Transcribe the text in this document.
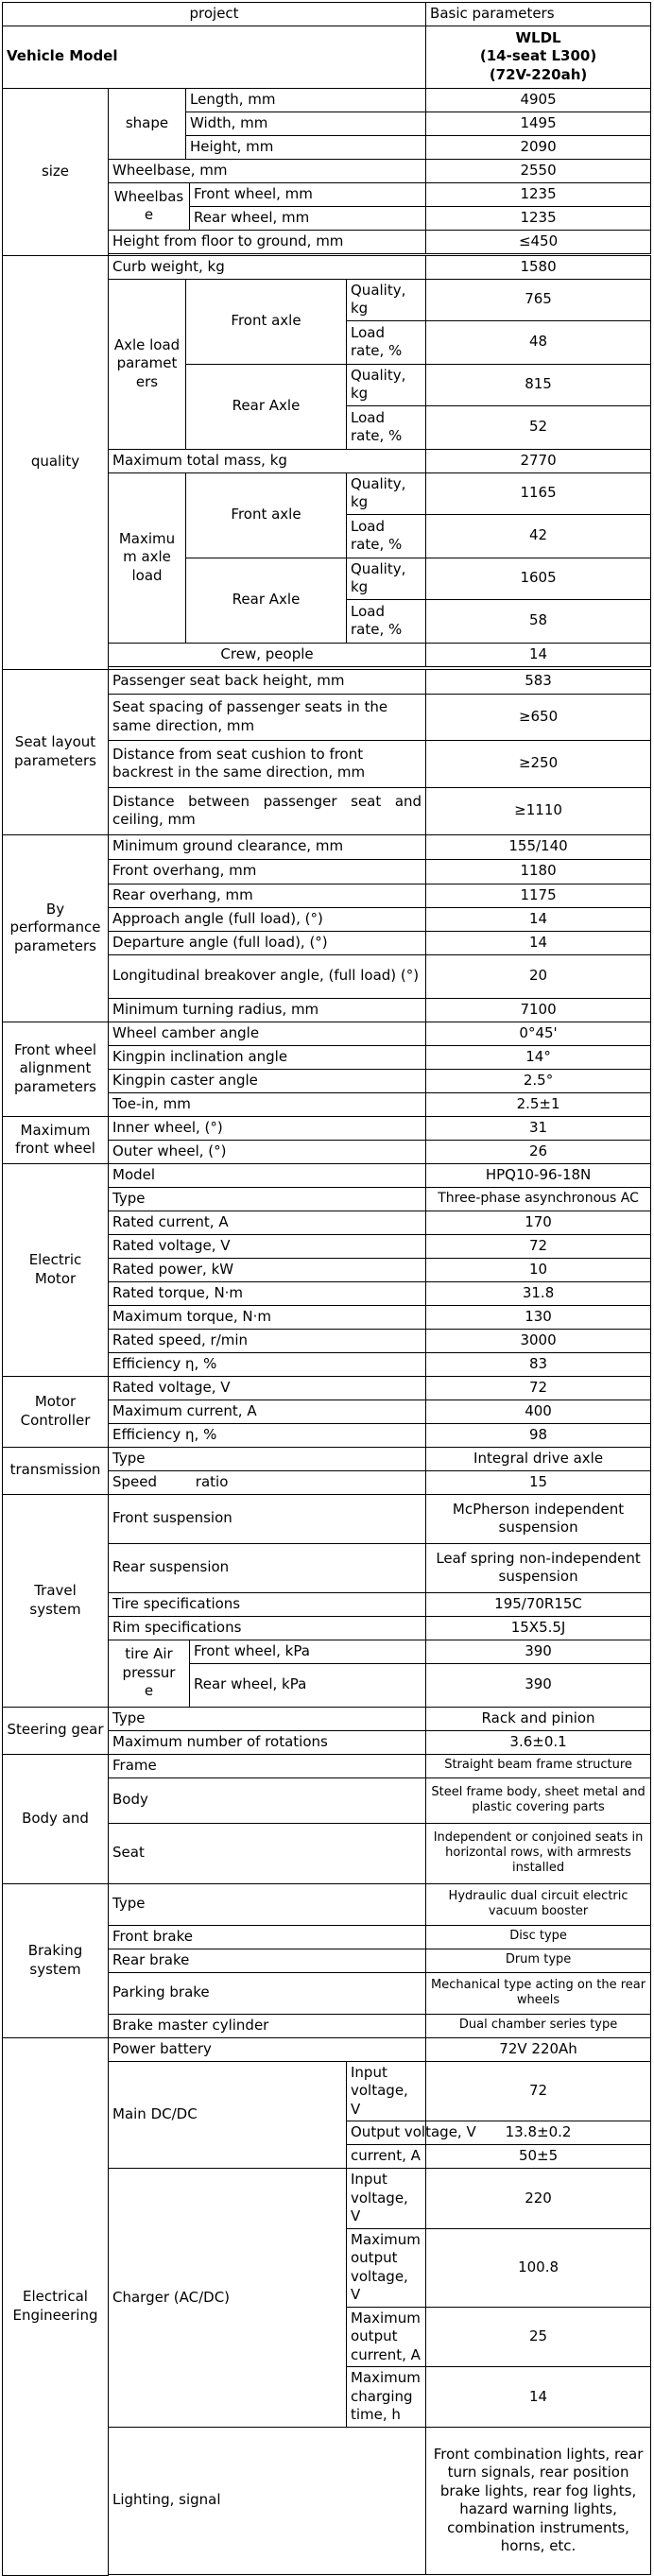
project					Basic parameters
Vehicle Model					WLDL
(14-seat L300)
(72V-220ah)
size	shape	Length, mm			4905
		Width, mm			1495
		Height, mm			2090
	Wheelbase, mm				2550
	Wheelbase		Front wheel, mm		1235
			Rear wheel, mm		1235
	Height from floor to ground, mm				≤450

quality	Curb weight, kg				1580
	Axle load parameters	Front axle		Quality, kg	765
				Load rate, %	48
		Rear Axle		Quality, kg	815
				Load rate, %	52
	Maximum total mass, kg				2770
	Maximum axle load	Front axle		Quality, kg	1165
				Load rate, %	42
		Rear Axle		Quality, kg	1605
				Load rate, %	58
	Crew, people				14

Seat layout parameters	Passenger seat back height, mm				583
	Seat spacing of passenger seats in the same direction, mm				≥650
	Distance from seat cushion to front backrest in the same direction, mm				≥250
	Distance between passenger seat and ceiling, mm				≥1110
By performance parameters	Minimum ground clearance, mm				155/140
	Front overhang, mm				1180
	Rear overhang, mm				1175
	Approach angle (full load), (°)				14
	Departure angle (full load), (°)				14
	Longitudinal breakover angle, (full load) (°)				20
	Minimum turning radius, mm				7100
Front wheel alignment parameters	Wheel camber angle				0°45'
	Kingpin inclination angle				14°
	Kingpin caster angle				2.5°
	Toe-in, mm				2.5±1
Maximum front wheel	Inner wheel, (°)				31
	Outer wheel, (°)				26
Electric Motor	Model				HPQ10-96-18N
	Type				Three-phase asynchronous AC
	Rated current, A				170
	Rated voltage, V				72
	Rated power, kW				10
	Rated torque, N·m				31.8
	Maximum torque, N·m				130
	Rated speed, r/min				3000
	Efficiency η, %				83
Motor Controller	Rated voltage, V				72
	Maximum current, A				400
	Efficiency η, %				98
transmission	Type				Integral drive axle
	Speed ratio				15
Travel system	Front suspension				McPherson independent suspension
	Rear suspension				Leaf spring non-independent suspension
	Tire specifications				195/70R15C
	Rim specifications				15X5.5J
	tire Air pressure		Front wheel, kPa		390
			Rear wheel, kPa		390
Steering gear	Type				Rack and pinion
	Maximum number of rotations				3.6±0.1
Body and	Frame				Straight beam frame structure
	Body				Steel frame body, sheet metal and plastic covering parts
	Seat				Independent or conjoined seats in horizontal rows, with armrests installed
Braking system	Type				Hydraulic dual circuit electric vacuum booster
	Front brake				Disc type
	Rear brake				Drum type
	Parking brake				Mechanical type acting on the rear wheels
	Brake master cylinder				Dual chamber series type
Electrical Engineering	Power battery				72V 220Ah
	Main DC/DC			Input voltage, V	72
				Output voltage, V	13.8±0.2
				current, A	50±5
	Charger (AC/DC)			Input voltage, V	220
				Maximum output voltage, V	100.8
				Maximum output current, A	25
				Maximum charging time, h	14
	Lighting, signal				Front combination lights, rear turn signals, rear position brake lights, rear fog lights, hazard warning lights, combination instruments, horns, etc.
